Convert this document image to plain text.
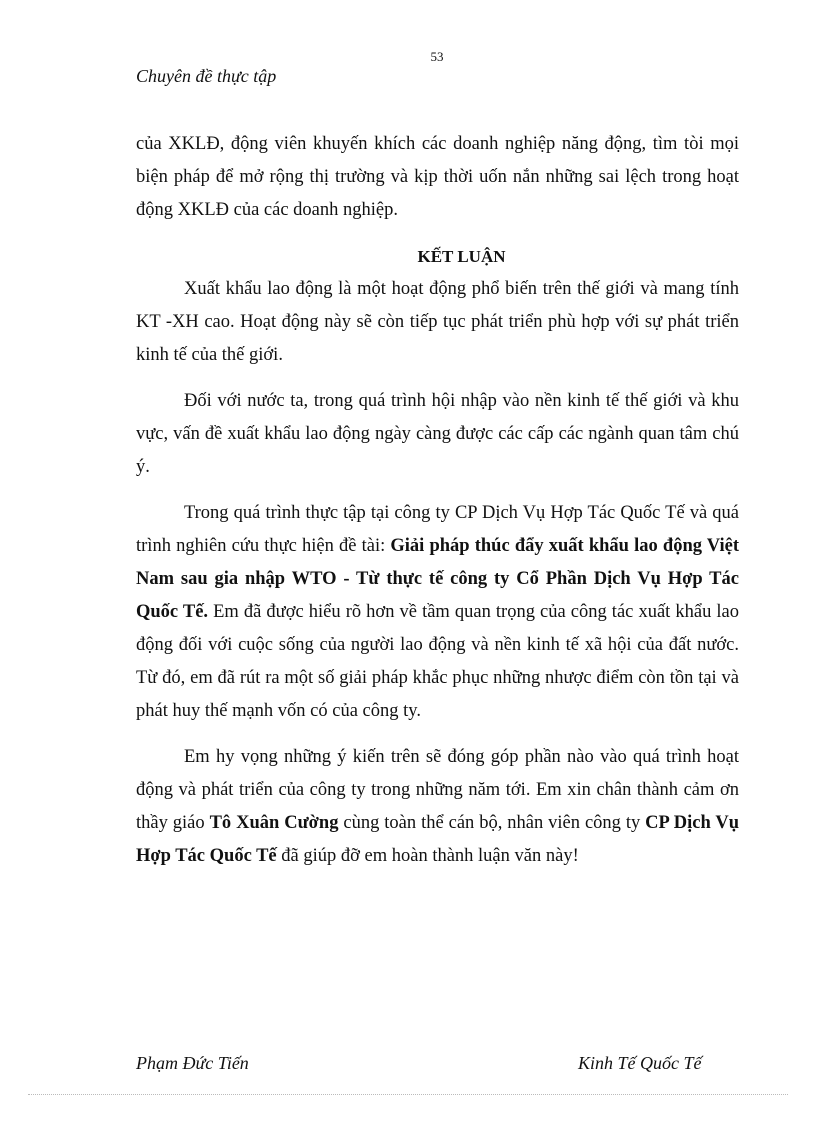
53
Chuyên đề thực tập

của XKLĐ, động viên khuyến khích các doanh nghiệp năng động, tìm tòi mọi biện pháp để mở rộng thị trường và kịp thời uốn nắn những sai lệch trong hoạt động XKLĐ của các doanh nghiệp.

KẾT LUẬN

Xuất khẩu lao động là một hoạt động phổ biến trên thế giới và mang tính KT -XH cao. Hoạt động này sẽ còn tiếp tục phát triển phù hợp với sự phát triển kinh tế của thế giới.

Đối với nước ta, trong quá trình hội nhập vào nền kinh tế thế giới và khu vực, vấn đề xuất khẩu lao động ngày càng được các cấp các ngành quan tâm chú ý.

Trong quá trình thực tập tại công ty CP Dịch Vụ Hợp Tác Quốc Tế và quá trình nghiên cứu thực hiện đề tài: Giải pháp thúc đẩy xuất khẩu lao động Việt Nam sau gia nhập WTO - Từ thực tế công ty Cổ Phần Dịch Vụ Hợp Tác Quốc Tế. Em đã được hiểu rõ hơn về tầm quan trọng của công tác xuất khẩu lao động đối với cuộc sống của người lao động và nền kinh tế xã hội của đất nước. Từ đó, em đã rút ra một số giải pháp khắc phục những nhược điểm còn tồn tại và phát huy thế mạnh vốn có của công ty.

Em hy vọng những ý kiến trên sẽ đóng góp phần nào vào quá trình hoạt động và phát triển của công ty trong những năm tới. Em xin chân thành cảm ơn thầy giáo Tô Xuân Cường cùng toàn thể cán bộ, nhân viên công ty CP Dịch Vụ Hợp Tác Quốc Tế đã giúp đỡ em hoàn thành luận văn này!

Phạm Đức Tiến	Kinh Tế Quốc Tế
